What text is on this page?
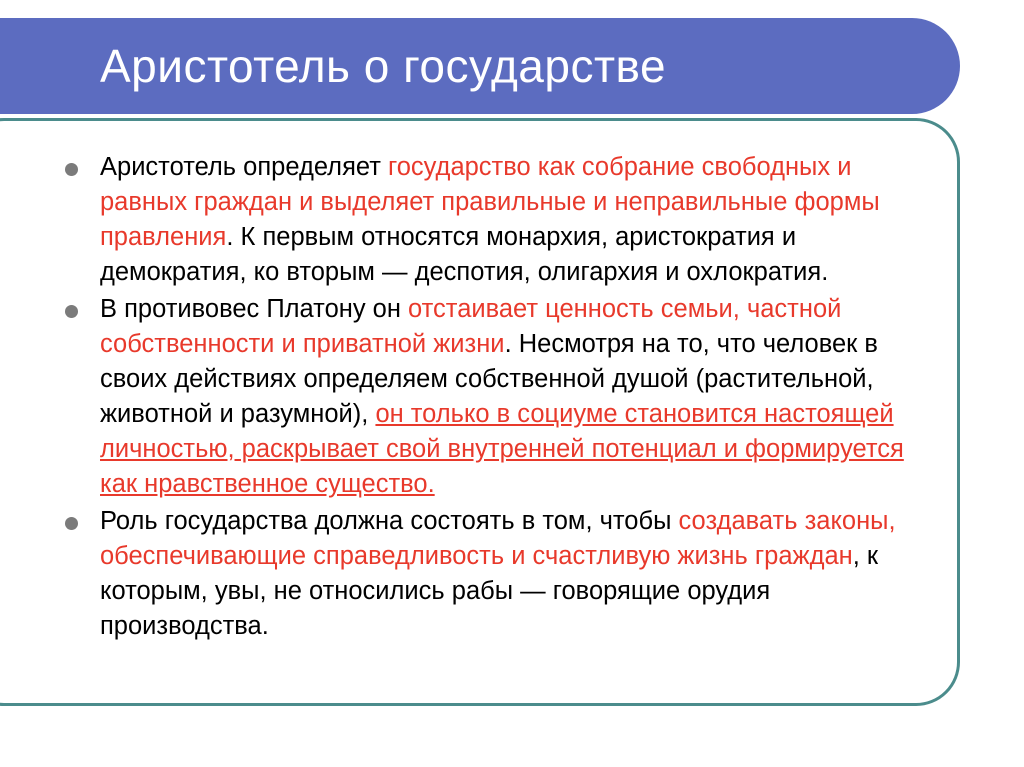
Аристотель о государстве
Аристотель определяет государство как собрание свободных и равных граждан и выделяет правильные и неправильные формы правления. К первым относятся монархия, аристократия и демократия, ко вторым — деспотия, олигархия и охлократия.
В противовес Платону он отстаивает ценность семьи, частной собственности и приватной жизни. Несмотря на то, что человек в своих действиях определяем собственной душой (растительной, животной и разумной), он только в социуме становится настоящей личностью, раскрывает свой внутренней потенциал и формируется как нравственное существо.
Роль государства должна состоять в том, чтобы создавать законы, обеспечивающие справедливость и счастливую жизнь граждан, к которым, увы, не относились рабы — говорящие орудия производства.
